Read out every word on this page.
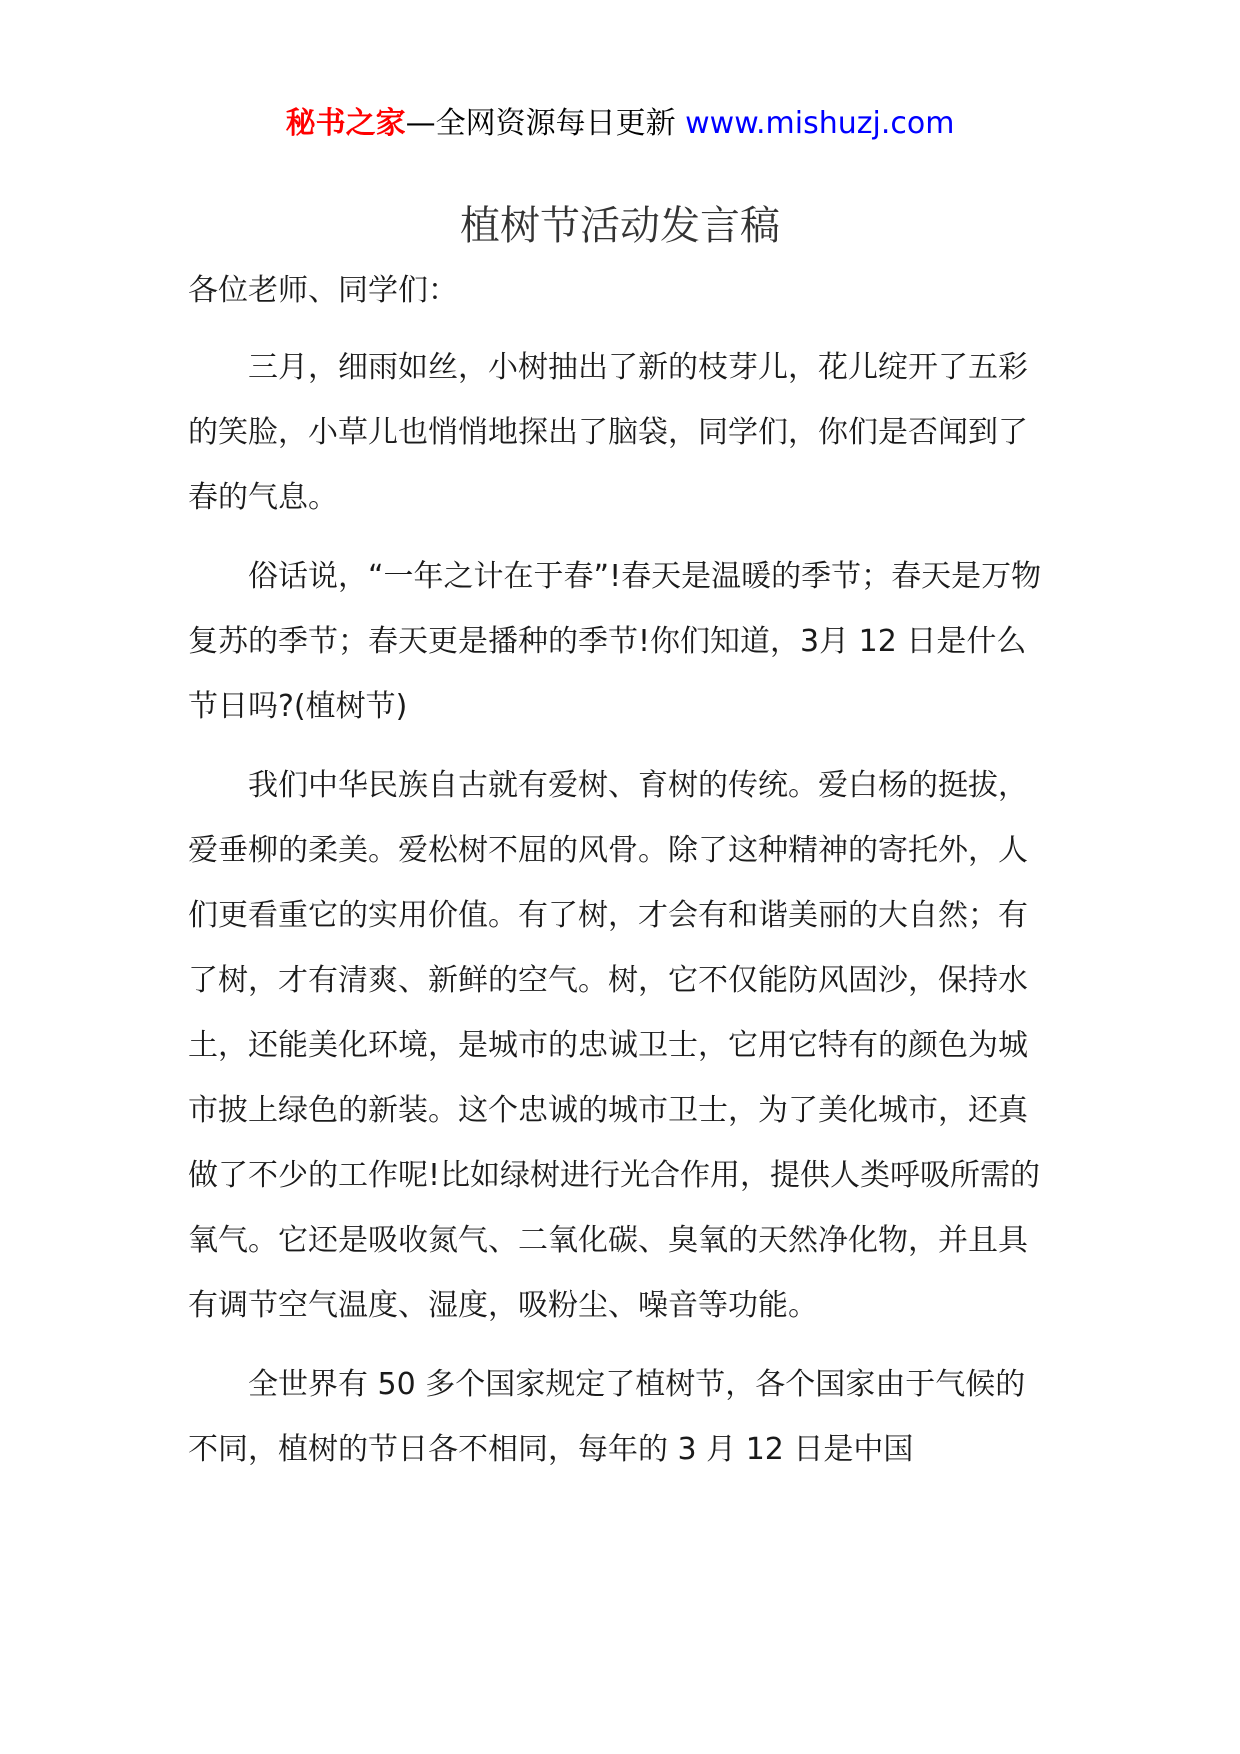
秘书之家—全网资源每日更新 www.mishuzj.com
植树节活动发言稿

各位老师、同学们：

三月，细雨如丝，小树抽出了新的枝芽儿，花儿绽开了五彩的笑脸，小草儿也悄悄地探出了脑袋，同学们，你们是否闻到了春的气息。

俗话说，“一年之计在于春”!春天是温暖的季节；春天是万物复苏的季节；春天更是播种的季节!你们知道，3月 12 日是什么节日吗?(植树节)

我们中华民族自古就有爱树、育树的传统。爱白杨的挺拔，爱垂柳的柔美。爱松树不屈的风骨。除了这种精神的寄托外，人们更看重它的实用价值。有了树，才会有和谐美丽的大自然；有了树，才有清爽、新鲜的空气。树，它不仅能防风固沙，保持水土，还能美化环境，是城市的忠诚卫士，它用它特有的颜色为城市披上绿色的新装。这个忠诚的城市卫士，为了美化城市，还真做了不少的工作呢!比如绿树进行光合作用，提供人类呼吸所需的氧气。它还是吸收氮气、二氧化碳、臭氧的天然净化物，并且具有调节空气温度、湿度，吸粉尘、噪音等功能。

全世界有 50 多个国家规定了植树节，各个国家由于气候的不同，植树的节日各不相同，每年的 3 月 12 日是中国
